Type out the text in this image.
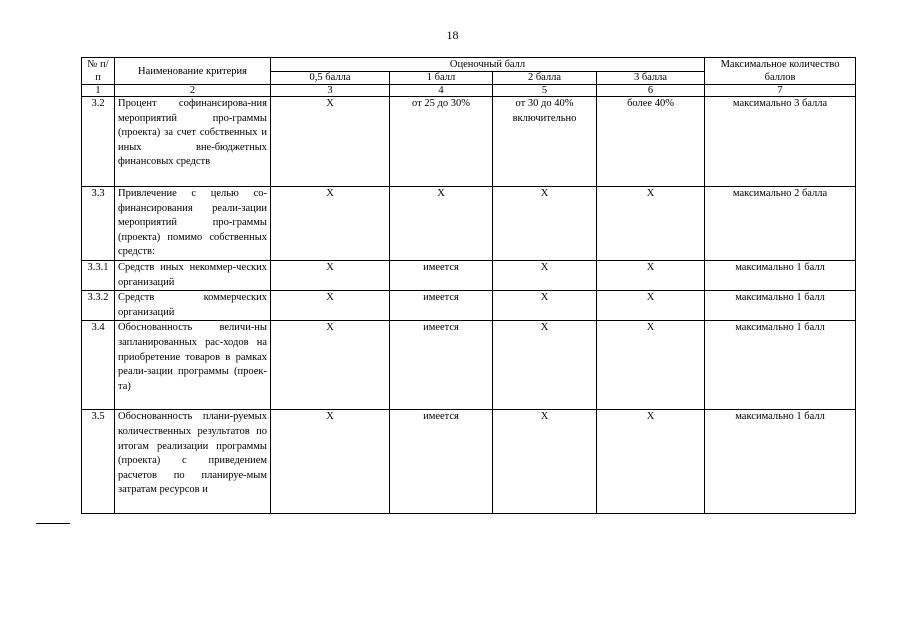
18
№ п/п	Наименование критерия	Оценочный балл				Максимальное количество баллов
		0,5 балла	1 балл	2 балла	3 балла	
1	2	3	4	5	6	7
3.2	Процент софинансирова-ния мероприятий про-граммы (проекта) за счет собственных и иных вне-бюджетных финансовых средств	X	от 25 до 30%	от 30 до 40% включительно	более 40%	максимально 3 балла
3.3	Привлечение с целью со-финансирования реали-зации мероприятий про-граммы (проекта) помимо собственных средств:	X	X	X	X	максимально 2 балла
3.3.1	Средств иных некоммер-ческих организаций	X	имеется	X	X	максимально 1 балл
3.3.2	Средств коммерческих организаций	X	имеется	X	X	максимально 1 балл
3.4	Обоснованность величи-ны запланированных рас-ходов на приобретение товаров в рамках реали-зации программы (проек-та)	X	имеется	X	X	максимально 1 балл
3.5	Обоснованность плани-руемых количественных результатов по итогам реализации программы (проекта) с приведением расчетов по планируе-мым затратам ресурсов и	X	имеется	X	X	максимально 1 балл
